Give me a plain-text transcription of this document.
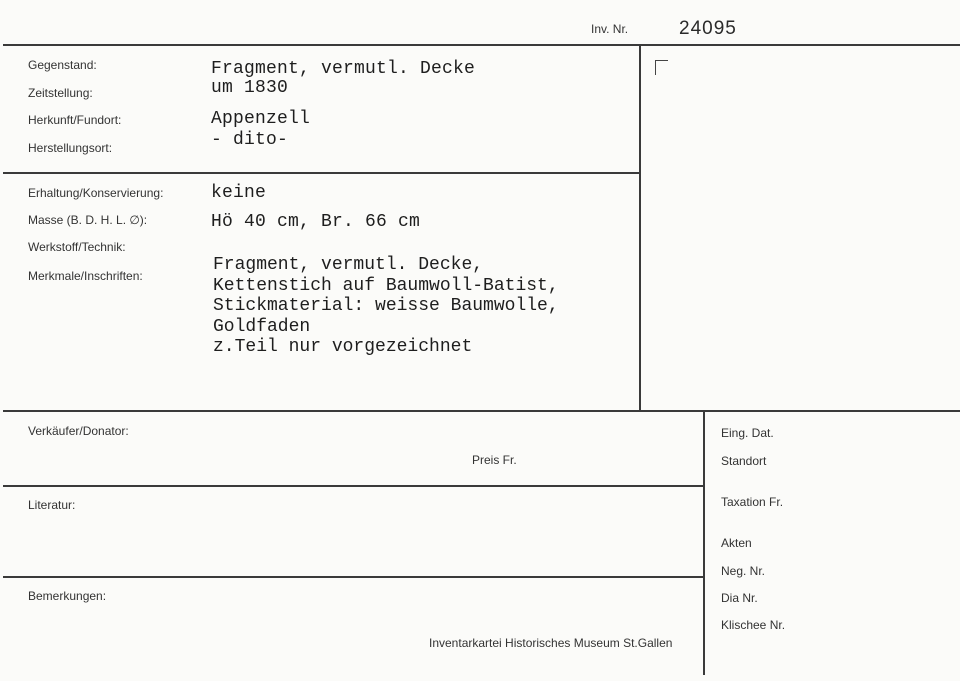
Inv. Nr.	24095
Gegenstand:	Fragment, vermutl. Decke
Zeitstellung:	um 1830
Herkunft/Fundort:	Appenzell
Herstellungsort:	- dito-
Erhaltung/Konservierung:	keine
Masse (B. D. H. L. ∅):	Hö 40 cm, Br. 66 cm
Werkstoff/Technik:
Merkmale/Inschriften:
Fragment, vermutl. Decke,
Kettenstich auf Baumwoll-Batist,
Stickmaterial: weisse Baumwolle,
Goldfaden
z.Teil nur vorgezeichnet
Verkäufer/Donator:
Preis Fr.
Literatur:
Bemerkungen:
Inventarkartei Historisches Museum St.Gallen
Eing. Dat.
Standort
Taxation Fr.
Akten
Neg. Nr.
Dia Nr.
Klischee Nr.
